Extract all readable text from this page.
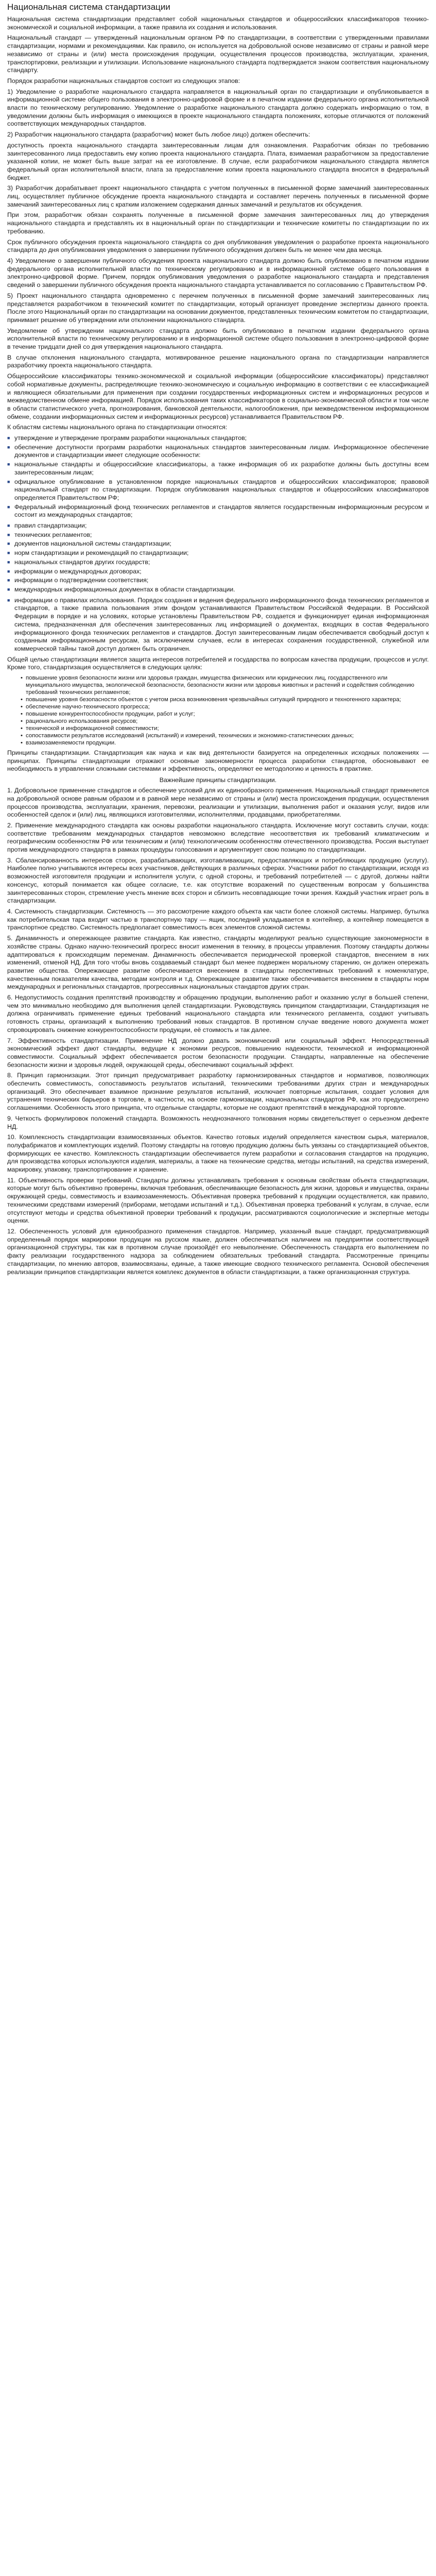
Национальная система стандартизации

Национальная система стандартизации представляет собой национальных стандартов и общероссийских классификаторов технико-экономической и социальной информации, а также правила их создания и использования.

Национальный стандарт — утвержденный национальным органом РФ по стандартизации, в соответствии с утвержденными правилами стандартизации, нормами и рекомендациями. Как правило, он используется на добровольной основе независимо от страны и равной мере независимо от страны и (или) места происхождения продукции, осуществления процессов производства, эксплуатации, хранения, транспортировки, реализации и утилизации. Использование национального стандарта подтверждается знаком соответствия национальному стандарту.

Порядок разработки национальных стандартов состоит из следующих этапов:

1) Уведомление о разработке национального стандарта направляется в национальный орган по стандартизации и опубликовывается в информационной системе общего пользования в электронно-цифровой форме и в печатном издании федерального органа исполнительной власти по техническому регулированию. Уведомление о разработке национального стандарта должно содержать информацию о том, в уведомлении должны быть информация о имеющихся в проекте национального стандарта положениях, которые отличаются от положений соответствующих международных стандартов.

2) Разработчик национального стандарта (разработчик) может быть любое лицо) должен обеспечить:

доступность проекта национального стандарта заинтересованным лицам для ознакомления. Разработчик обязан по требованию заинтересованного лица предоставить ему копию проекта национального стандарта. Плата, взимаемая разработчиком за предоставление указанной копии, не может быть выше затрат на ее изготовление. В случае, если разработчиком национального стандарта является федеральный орган исполнительной власти, плата за предоставление копии проекта национального стандарта вносится в федеральный бюджет.

3) Разработчик дорабатывает проект национального стандарта с учетом полученных в письменной форме замечаний заинтересованных лиц, осуществляет публичное обсуждение проекта национального стандарта и составляет перечень полученных в письменной форме замечаний заинтересованных лиц с кратким изложением содержания данных замечаний и результатов их обсуждения.

При этом, разработчик обязан сохранять полученные в письменной форме замечания заинтересованных лиц до утверждения национального стандарта и представлять их в национальный орган по стандартизации и технические комитеты по стандартизации по их требованию.

Срок публичного обсуждения проекта национального стандарта со дня опубликования уведомления о разработке проекта национального стандарта до дня опубликования уведомления о завершении публичного обсуждения должен быть не менее чем два месяца.

4) Уведомление о завершении публичного обсуждения проекта национального стандарта должно быть опубликовано в печатном издании федерального органа исполнительной власти по техническому регулированию и в информационной системе общего пользования в электронно-цифровой форме. Причем, порядок опубликования уведомления о разработке национального стандарта и представления сведений о завершении публичного обсуждения проекта национального стандарта устанавливается по согласованию с Правительством РФ.

5) Проект национального стандарта одновременно с перечнем полученных в письменной форме замечаний заинтересованных лиц представляется разработчиком в технический комитет по стандартизации, который организует проведение экспертизы данного проекта. После этого Национальный орган по стандартизации на основании документов, представленных техническим комитетом по стандартизации, принимает решение об утверждении или отклонении национального стандарта.

Уведомление об утверждении национального стандарта должно быть опубликовано в печатном издании федерального органа исполнительной власти по техническому регулированию и в информационной системе общего пользования в электронно-цифровой форме в течение тридцати дней со дня утверждения национального стандарта.

В случае отклонения национального стандарта, мотивированное решение национального органа по стандартизации направляется разработчику проекта национального стандарта.

Общероссийские классификаторы технико-экономической и социальной информации (общероссийские классификаторы) представляют собой нормативные документы, распределяющие технико-экономическую и социальную информацию в соответствии с ее классификацией и являющиеся обязательными для применения при создании государственных информационных систем и информационных ресурсов и межведомственном обмене информацией. Порядок использования таких классификаторов в социально-экономической области и том числе в области статистического учета, прогнозирования, банковской деятельности, налогообложения, при межведомственном информационном обмене, создании информационных систем и информационных ресурсов) устанавливается Правительством РФ.

К областям системы национального органа по стандартизации относятся:

■ утверждение и утверждение программ разработки национальных стандартов;
■ обеспечение доступности программ разработки национальных стандартов заинтересованным лицам. Информационное обеспечение документов и стандартизации имеет следующие особенности:
■ национальные стандарты и общероссийские классификаторы, а также информация об их разработке должны быть доступны всем заинтересованным лицам;
■ официальное опубликование в установленном порядке национальных стандартов и общероссийских классификаторов; правовой национальный стандарт по стандартизации. Порядок опубликования национальных стандартов и общероссийских классификаторов определяется Правительством РФ;
■ Федеральный информационный фонд технических регламентов и стандартов является государственным информационным ресурсом и состоит из международных стандартов;
■ правил стандартизации;
■ технических регламентов;
■ документов национальной системы стандартизации;
■ норм стандартизации и рекомендаций по стандартизации;
■ национальных стандартов других государств;
■ информации о международных договорах;
■ информации о подтверждении соответствия;
■ международных информационных документах в области стандартизации.
■ информации о правилах использования. Порядок создания и ведения федерального информационного фонда технических регламентов и стандартов, а также правила пользования этим фондом устанавливаются Правительством Российской Федерации. В Российской Федерации в порядке и на условиях, которые установлены Правительством РФ, создается и функционирует единая информационная система, предназначенная для обеспечения заинтересованных лиц информацией о документах, входящих в состав Федерального информационного фонда технических регламентов и стандартов. Доступ заинтересованным лицам обеспечивается свободный доступ к созданным информационным ресурсам, за исключением случаев, если в интересах сохранения государственной, служебной или коммерческой тайны такой доступ должен быть ограничен.

Общей целью стандартизации является защита интересов потребителей и государства по вопросам качества продукции, процессов и услуг. Кроме того, стандартизация осуществляется в следующих целях:

• повышение уровня безопасности жизни или здоровья граждан, имущества физических или юридических лиц, государственного или муниципального имущества, экологической безопасности, безопасности жизни или здоровья животных и растений и содействия соблюдению требований технических регламентов;
• повышение уровня безопасности объектов с учетом риска возникновения чрезвычайных ситуаций природного и техногенного характера;
• обеспечение научно-технического прогресса;
• повышение конкурентоспособности продукции, работ и услуг;
• рационального использования ресурсов;
• технической и информационной совместимости;
• сопоставимости результатов исследований (испытаний) и измерений, технических и экономико-статистических данных;
• взаимозаменяемости продукции.

Принципы стандартизации. Стандартизация как наука и как вид деятельности базируется на определенных исходных положениях — принципах. Принципы стандартизации отражают основные закономерности процесса разработки стандартов, обосновывают ее необходимость в управлении сложными системами и эффективность, определяют ее методологию и ценность в практике.

Важнейшие принципы стандартизации.

1. Добровольное применение стандартов и обеспечение условий для их единообразного применения. Национальный стандарт применяется на добровольной основе равным образом и в равной мере независимо от страны и (или) места происхождения продукции, осуществления процессов производства, эксплуатации, хранения, перевозки, реализации и утилизации, выполнения работ и оказания услуг, видов или особенностей сделок и (или) лиц, являющихся изготовителями, исполнителями, продавцами, приобретателями.

2. Применение международного стандарта как основы разработки национального стандарта. Исключение могут составить случаи, когда: соответствие требованиям международных стандартов невозможно вследствие несоответствия их требований климатическим и географическим особенностям РФ или техническим и (или) технологическим особенностям отечественного производства. Россия выступает против международного стандарта в рамках процедуры голосования и аргументирует свою позицию по стандартизации.

3. Сбалансированность интересов сторон, разрабатывающих, изготавливающих, предоставляющих и потребляющих продукцию (услугу). Наиболее полно учитываются интересы всех участников, действующих в различных сферах. Участники работ по стандартизации, исходя из возможностей изготовителя продукции и исполнителя услуги, с одной стороны, и требований потребителей — с другой, должны найти консенсус, который понимается как общее согласие, т.е. как отсутствие возражений по существенным вопросам у большинства заинтересованных сторон, стремление учесть мнение всех сторон и сблизить несовпадающие точки зрения. Каждый участник играет роль в стандартизации.

4. Системность стандартизации. Системность — это рассмотрение каждого объекта как части более сложной системы. Например, бутылка как потребительская тара входит частью в транспортную тару — ящик, последний укладывается в контейнер, а контейнер помещается в транспортное средство. Системность предполагает совместимость всех элементов сложной системы.

5. Динамичность и опережающее развитие стандарта. Как известно, стандарты моделируют реально существующие закономерности в хозяйстве страны. Однако научно-технический прогресс вносит изменения в технику, в процессы управления. Поэтому стандарты должны адаптироваться к происходящим переменам. Динамичность обеспечивается периодической проверкой стандартов, внесением в них изменений, отменой НД. Для того чтобы вновь создаваемый стандарт был менее подвержен моральному старению, он должен опережать развитие общества. Опережающее развитие обеспечивается внесением в стандарты перспективных требований к номенклатуре, качественным показателям качества, методам контроля и т.д. Опережающее развитие также обеспечивается внесением в стандарты норм международных и региональных стандартов, прогрессивных национальных стандартов других стран.

6. Недопустимость создания препятствий производству и обращению продукции, выполнению работ и оказанию услуг в большей степени, чем это минимально необходимо для выполнения целей стандартизации. Руководствуясь принципом стандартизации, Стандартизация не должна ограничивать применение единых требований национального стандарта или технического регламента, создают учитывать готовность страны, организаций к выполнению требований новых стандартов. В противном случае введение нового документа может спровоцировать снижение конкурентоспособности продукции, её стоимость и так далее.

7. Эффективность стандартизации. Применение НД должно давать экономический или социальный эффект. Непосредственный экономический эффект дают стандарты, ведущие к экономии ресурсов, повышению надежности, технической и информационной совместимости. Социальный эффект обеспечивается ростом безопасности продукции. Стандарты, направленные на обеспечение безопасности жизни и здоровья людей, окружающей среды, обеспечивают социальный эффект.

8. Принцип гармонизации. Этот принцип предусматривает разработку гармонизированных стандартов и нормативов, позволяющих обеспечить совместимость, сопоставимость результатов испытаний, техническими требованиями других стран и международных организаций. Это обеспечивает взаимное признание результатов испытаний, исключает повторные испытания, создает условия для устранения технических барьеров в торговле, в частности, на основе гармонизации, национальных стандартов РФ, как это предусмотрено соглашениями. Особенность этого принципа, что отдельные стандарты, которые не создают препятствий в международной торговле.

9. Четкость формулировок положений стандарта. Возможность неоднозначного толкования нормы свидетельствует о серьезном дефекте НД.

10. Комплексность стандартизации взаимосвязанных объектов. Качество готовых изделий определяется качеством сырья, материалов, полуфабрикатов и комплектующих изделий. Поэтому стандарты на готовую продукцию должны быть увязаны со стандартизацией объектов, формирующих ее качество. Комплексность стандартизации обеспечивается путем разработки и согласования стандартов на продукцию, для производства которых используются изделия, материалы, а также на технические средства, методы испытаний, на средства измерений, маркировку, упаковку, транспортирование и хранение.

11. Объективность проверки требований. Стандарты должны устанавливать требования к основным свойствам объекта стандартизации, которые могут быть объективно проверены, включая требования, обеспечивающие безопасность для жизни, здоровья и имущества, охраны окружающей среды, совместимость и взаимозаменяемость. Объективная проверка требований к продукции осуществляется, как правило, техническими средствами измерений (приборами, методами испытаний и т.д.). Объективная проверка требований к услугам, в случае, если отсутствуют методы и средства объективной проверки требований к продукции, рассматриваются социологические и экспертные методы оценки.

12. Обеспеченность условий для единообразного применения стандартов. Например, указанный выше стандарт, предусматривающий определенный порядок маркировки продукции на русском языке, должен обеспечиваться наличием на предприятии соответствующей организационной структуры, так как в противном случае произойдёт его невыполнение. Обеспеченность стандарта его выполнением по факту реализации государственного надзора за соблюдением обязательных требований стандарта. Рассмотренные принципы стандартизации, по мнению авторов, взаимосвязаны, единые, а также имеющие сводного технического регламента. Основой обеспечения реализации принципов стандартизации является комплекс документов в области стандартизации, а также организационная структура.
